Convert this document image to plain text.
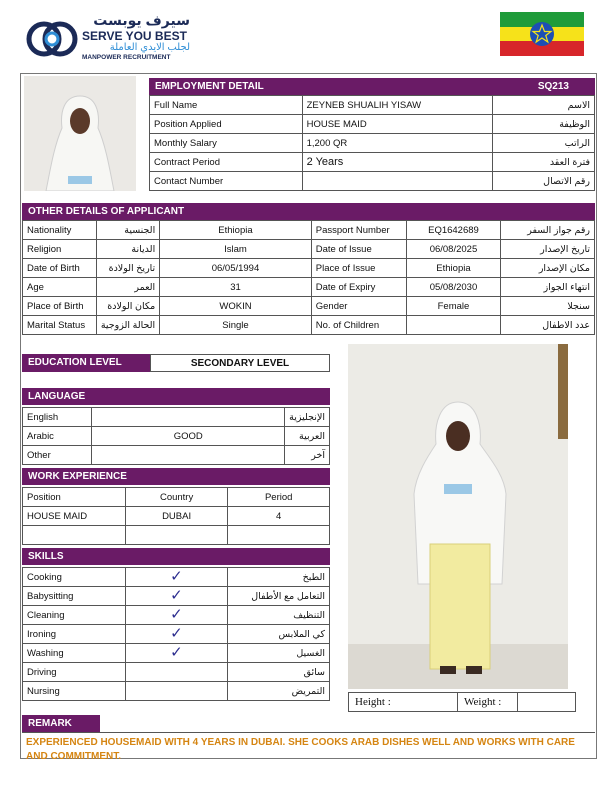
سيرف يوبست
SERVE YOU BEST
لجلب الايدي العاملة
MANPOWER RECRUITMENT
EMPLOYMENT DETAIL	SQ213
Full Name	ZEYNEB SHUALIH YISAW	الاسم
Position Applied	HOUSE MAID	الوظيفة
Monthly Salary	1,200 QR	الراتب
Contract Period	2 Years	فترة العقد
Contact Number		رقم الاتصال
OTHER DETAILS OF APPLICANT
Nationality	الجنسية	Ethiopia	Passport Number	EQ1642689	رقم جواز السفر
Religion	الديانة	Islam	Date of Issue	06/08/2025	تاريخ الإصدار
Date of Birth	تاريخ الولادة	06/05/1994	Place of Issue	Ethiopia	مكان الإصدار
Age	العمر	31	Date of Expiry	05/08/2030	انتهاء الجواز
Place of Birth	مكان الولادة	WOKIN	Gender	Female	سنجلا
Marital Status	الحالة الزوجية	Single	No. of Children		عدد الاطفال
EDUCATION LEVEL	SECONDARY LEVEL
LANGUAGE
English		الإنجليزية
Arabic	GOOD	العربية
Other		آخر
WORK EXPERIENCE
Position	Country	Period
HOUSE MAID	DUBAI	4

SKILLS
Cooking	✓	الطبخ
Babysitting	✓	التعامل مع الأطفال
Cleaning	✓	التنظيف
Ironing	✓	كي الملابس
Washing	✓	الغسيل
Driving		سائق
Nursing		التمريض
Height :	Weight :
REMARK
EXPERIENCED HOUSEMAID WITH 4 YEARS IN DUBAI. SHE COOKS ARAB DISHES WELL AND WORKS WITH CARE AND COMMITMENT.
